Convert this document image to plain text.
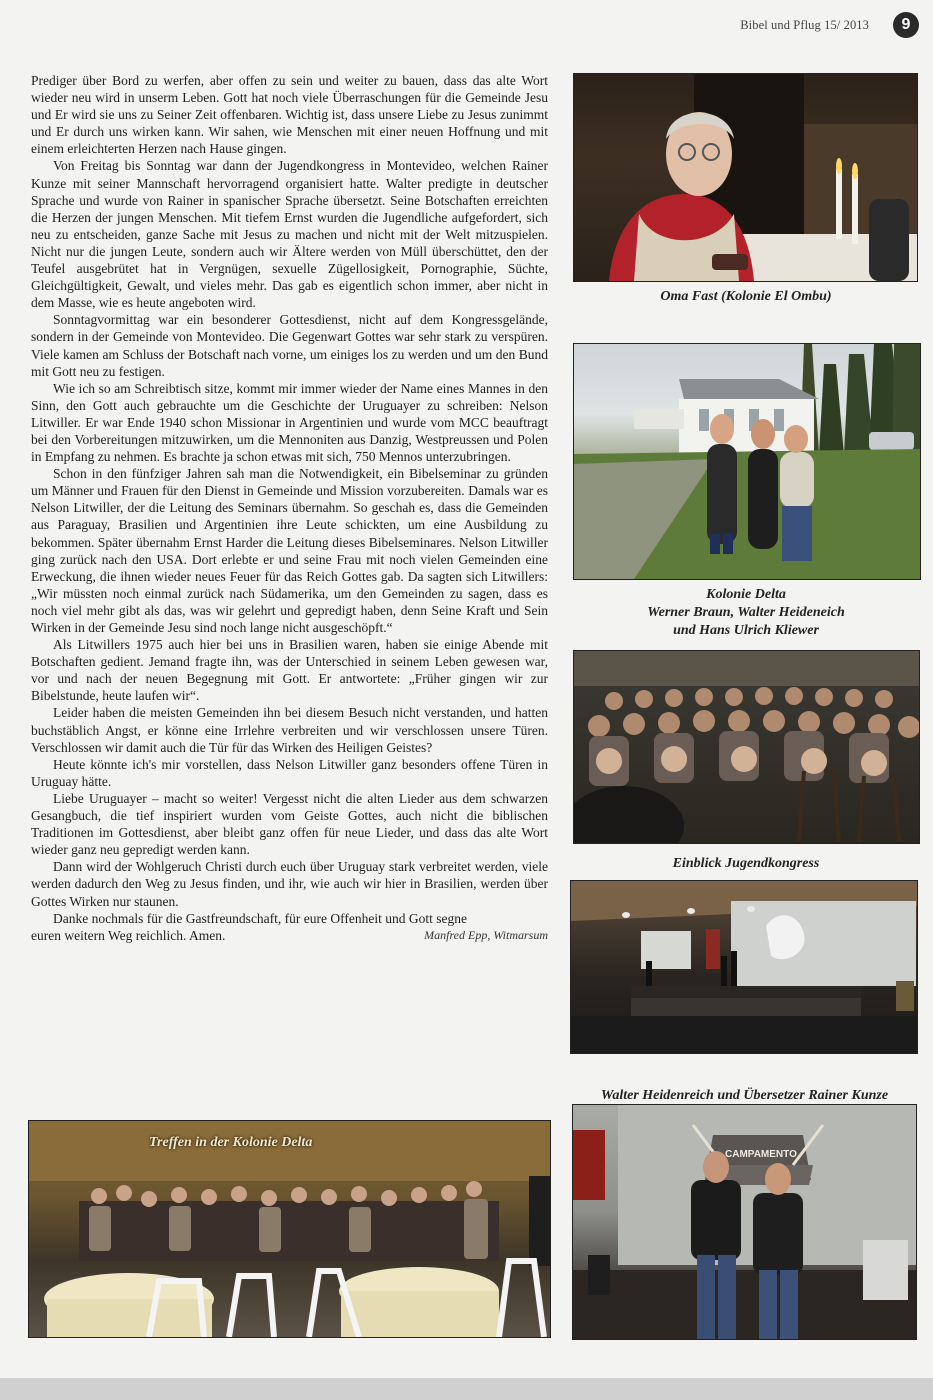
Bibel und Pflug 15/ 2013	9

Prediger über Bord zu werfen, aber offen zu sein und weiter zu bauen, dass das alte Wort wieder neu wird in unserm Leben. Gott hat noch viele Überraschungen für die Gemeinde Jesu und Er wird sie uns zu Seiner Zeit offenbaren. Wichtig ist, dass unsere Liebe zu Jesus zunimmt und Er durch uns wirken kann. Wir sahen, wie Menschen mit einer neuen Hoffnung und mit einem erleichterten Herzen nach Hause gingen.

Von Freitag bis Sonntag war dann der Jugendkongress in Montevideo, welchen Rainer Kunze mit seiner Mannschaft hervorragend organisiert hatte. Walter predigte in deutscher Sprache und wurde von Rainer in spanischer Sprache übersetzt. Seine Botschaften erreichten die Herzen der jungen Menschen. Mit tiefem Ernst wurden die Jugendliche aufgefordert, sich neu zu entscheiden, ganze Sache mit Jesus zu machen und nicht mit der Welt mitzuspielen. Nicht nur die jungen Leute, sondern auch wir Ältere werden von Müll überschüttet, den der Teufel ausgebrütet hat in Vergnügen, sexuelle Zügellosigkeit, Pornographie, Süchte, Gleichgültigkeit, Gewalt, und vieles mehr. Das gab es eigentlich schon immer, aber nicht in dem Masse, wie es heute angeboten wird.

Sonntagvormittag war ein besonderer Gottesdienst, nicht auf dem Kongressgelände, sondern in der Gemeinde von Montevideo. Die Gegenwart Gottes war sehr stark zu verspüren. Viele kamen am Schluss der Botschaft nach vorne, um einiges los zu werden und um den Bund mit Gott neu zu festigen.

Wie ich so am Schreibtisch sitze, kommt mir immer wieder der Name eines Mannes in den Sinn, den Gott auch gebrauchte um die Geschichte der Uruguayer zu schreiben: Nelson Litwiller. Er war Ende 1940 schon Missionar in Argentinien und wurde vom MCC beauftragt bei den Vorbereitungen mitzuwirken, um die Mennoniten aus Danzig, Westpreussen und Polen in Empfang zu nehmen. Es brachte ja schon etwas mit sich, 750 Mennos unterzubringen.

Schon in den fünfziger Jahren sah man die Notwendigkeit, ein Bibelseminar zu gründen um Männer und Frauen für den Dienst in Gemeinde und Mission vorzubereiten. Damals war es Nelson Litwiller, der die Leitung des Seminars übernahm. So geschah es, dass die Gemeinden aus Paraguay, Brasilien und Argentinien ihre Leute schickten, um eine Ausbildung zu bekommen. Später übernahm Ernst Harder die Leitung dieses Bibelseminares. Nelson Litwiller ging zurück nach den USA. Dort erlebte er und seine Frau mit noch vielen Gemeinden eine Erweckung, die ihnen wieder neues Feuer für das Reich Gottes gab. Da sagten sich Litwillers: „Wir müssten noch einmal zurück nach Südamerika, um den Gemeinden zu sagen, dass es noch viel mehr gibt als das, was wir gelehrt und gepredigt haben, denn Seine Kraft und Sein Wirken in der Gemeinde Jesu sind noch lange nicht ausgeschöpft.“

Als Litwillers 1975 auch hier bei uns in Brasilien waren, haben sie einige Abende mit Botschaften gedient. Jemand fragte ihn, was der Unterschied in seinem Leben gewesen war, vor und nach der neuen Begegnung mit Gott. Er antwortete: „Früher gingen wir zur Bibelstunde, heute laufen wir“.

Leider haben die meisten Gemeinden ihn bei diesem Besuch nicht verstanden, und hatten buchstäblich Angst, er könne eine Irrlehre verbreiten und wir verschlossen unsere Türen. Verschlossen wir damit auch die Tür für das Wirken des Heiligen Geistes?

Heute könnte ich's mir vorstellen, dass Nelson Litwiller ganz besonders offene Türen in Uruguay hätte.

Liebe Uruguayer – macht so weiter! Vergesst nicht die alten Lieder aus dem schwarzen Gesangbuch, die tief inspiriert wurden vom Geiste Gottes, auch nicht die biblischen Traditionen im Gottesdienst, aber bleibt ganz offen für neue Lieder, und dass das alte Wort wieder ganz neu gepredigt werden kann.

Dann wird der Wohlgeruch Christi durch euch über Uruguay stark verbreitet werden, viele werden dadurch den Weg zu Jesus finden, und ihr, wie auch wir hier in Brasilien, werden über Gottes Wirken nur staunen.

Danke nochmals für die Gastfreundschaft, für eure Offenheit und Gott segne

euren weitern Weg reichlich. Amen.	Manfred Epp, Witmarsum
Oma Fast (Kolonie El Ombu)
Kolonie Delta
Werner Braun, Walter Heideneich
und Hans Ulrich Kliewer
Einblick Jugendkongress
Walter Heidenreich und Übersetzer Rainer Kunze
CAMPAMENTO
Treffen in der Kolonie Delta
